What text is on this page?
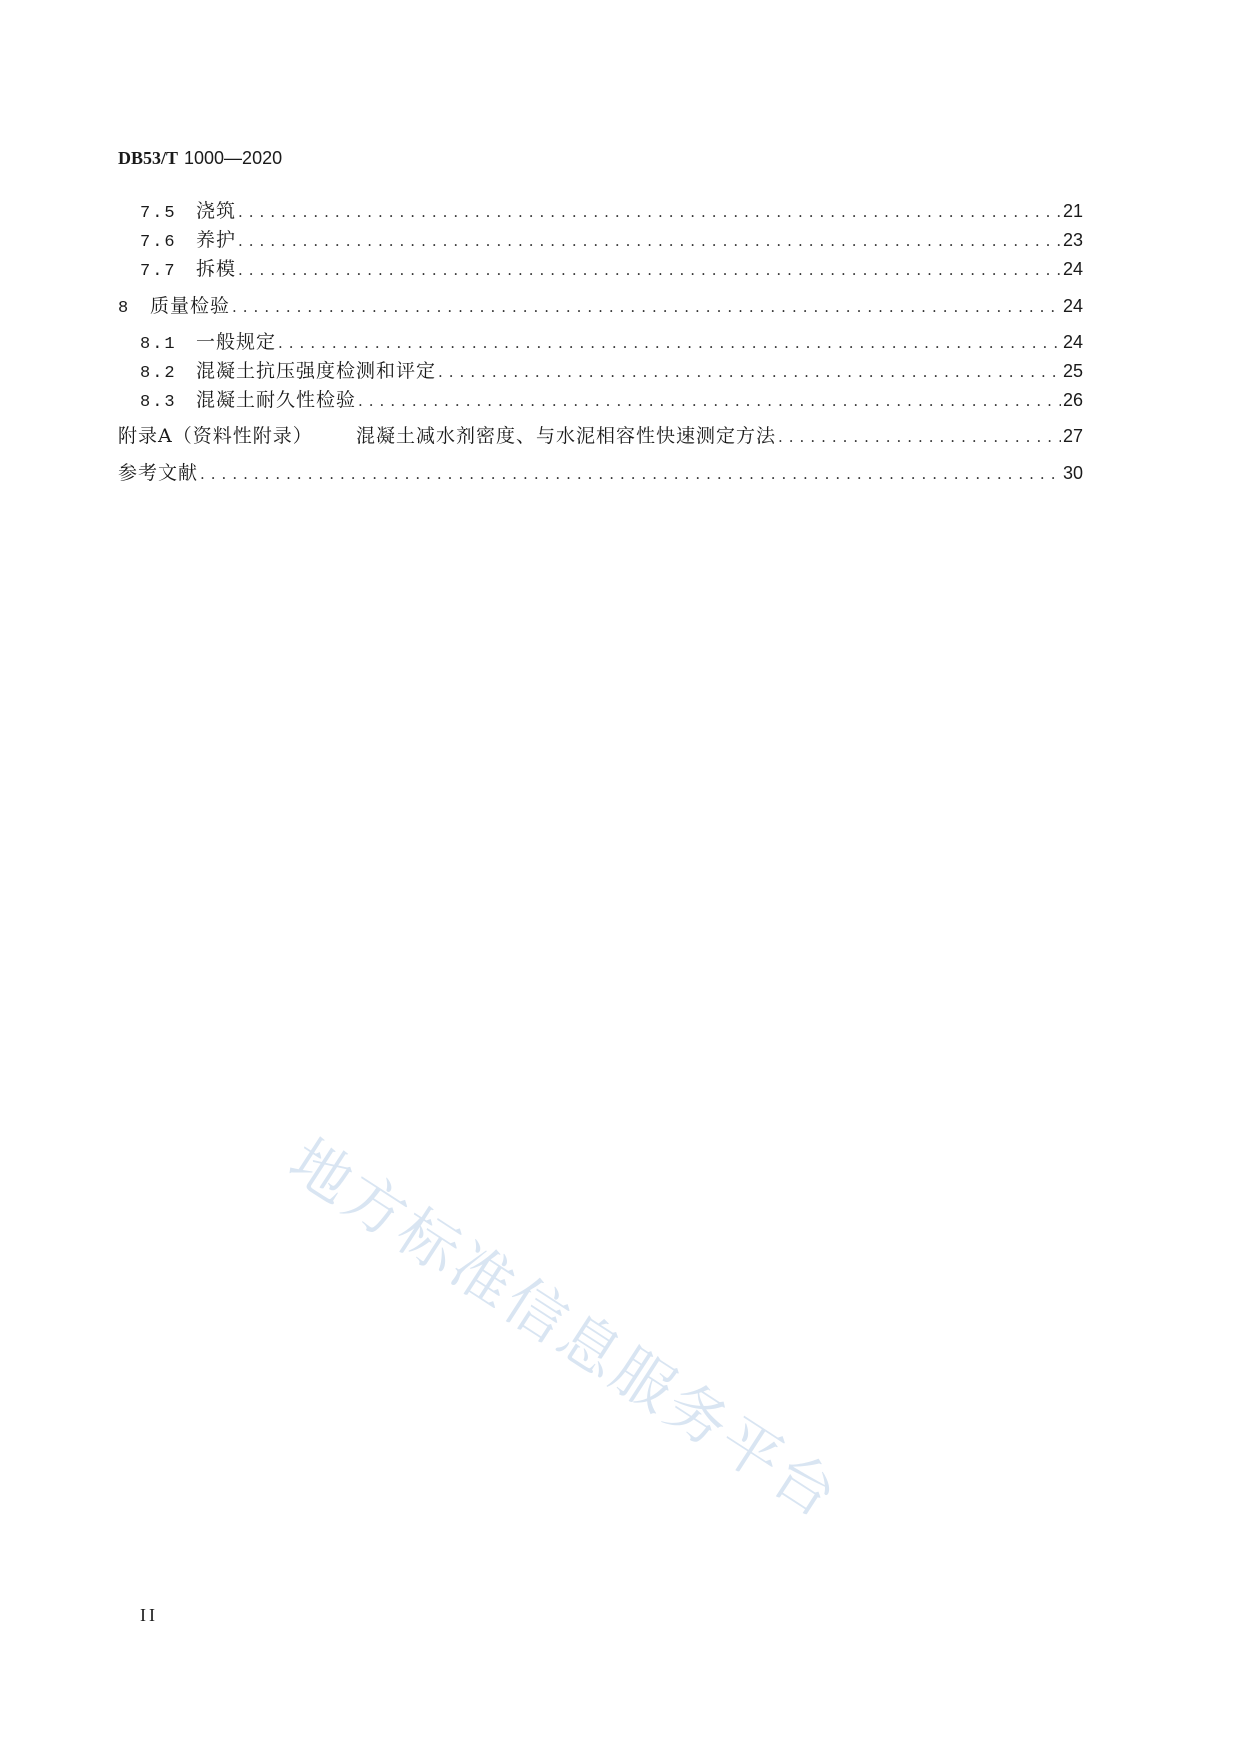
DB53/T 1000—2020
7.5	浇筑 .....	21
7.6	养护 .....	23
7.7	拆模 .....	24
8	质量检验 .....	24
8.1	一般规定 .....	24
8.2	混凝土抗压强度检测和评定 .....	25
8.3	混凝土耐久性检验 .....	26
附录A（资料性附录）	混凝土减水剂密度、与水泥相容性快速测定方法 .....	27
参考文献 .....	30
地方标准信息服务平台
II
